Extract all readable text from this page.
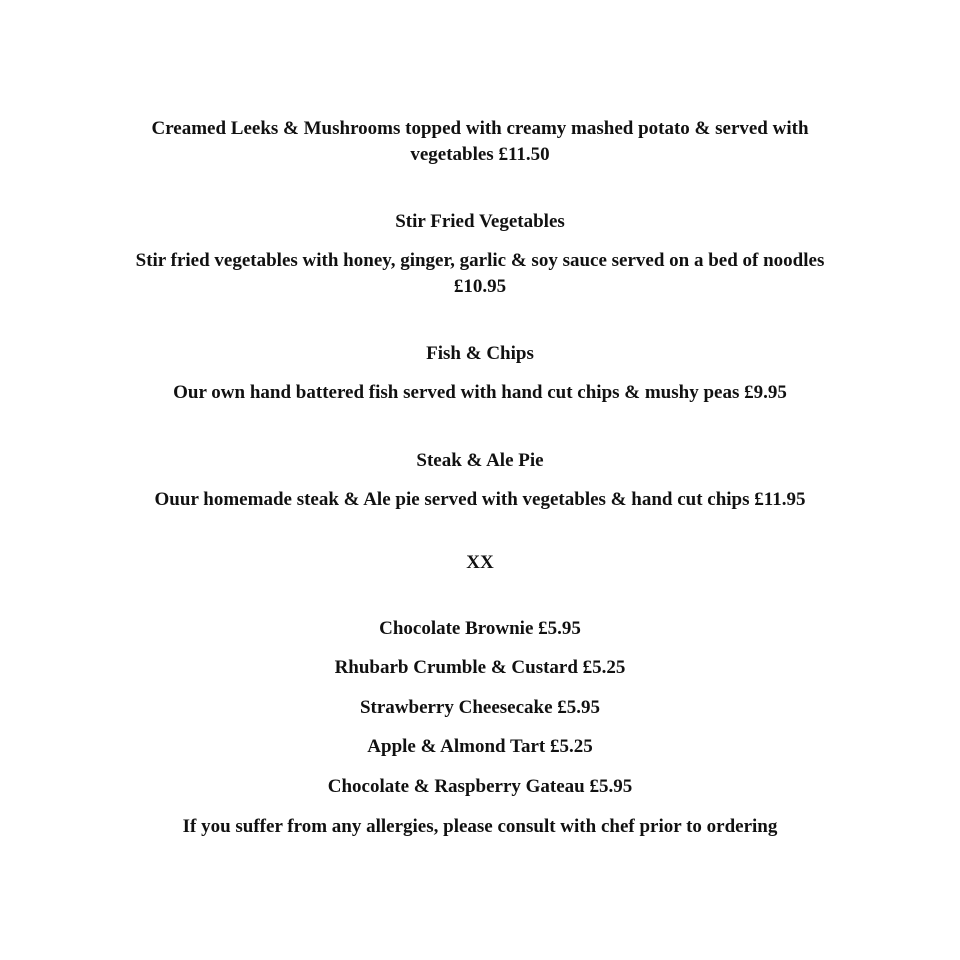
Creamed Leeks & Mushrooms topped with creamy mashed potato & served with
vegetables £11.50
Stir Fried Vegetables
Stir fried vegetables with honey, ginger, garlic & soy sauce served on a bed of noodles
£10.95
Fish & Chips
Our own hand battered fish served with hand cut chips & mushy peas £9.95
Steak & Ale Pie
Ouur homemade steak & Ale pie served with vegetables & hand cut chips £11.95
XX
Chocolate Brownie £5.95
Rhubarb Crumble & Custard £5.25
Strawberry Cheesecake £5.95
Apple & Almond Tart £5.25
Chocolate & Raspberry Gateau £5.95
If you suffer from any allergies, please consult with chef prior to ordering
